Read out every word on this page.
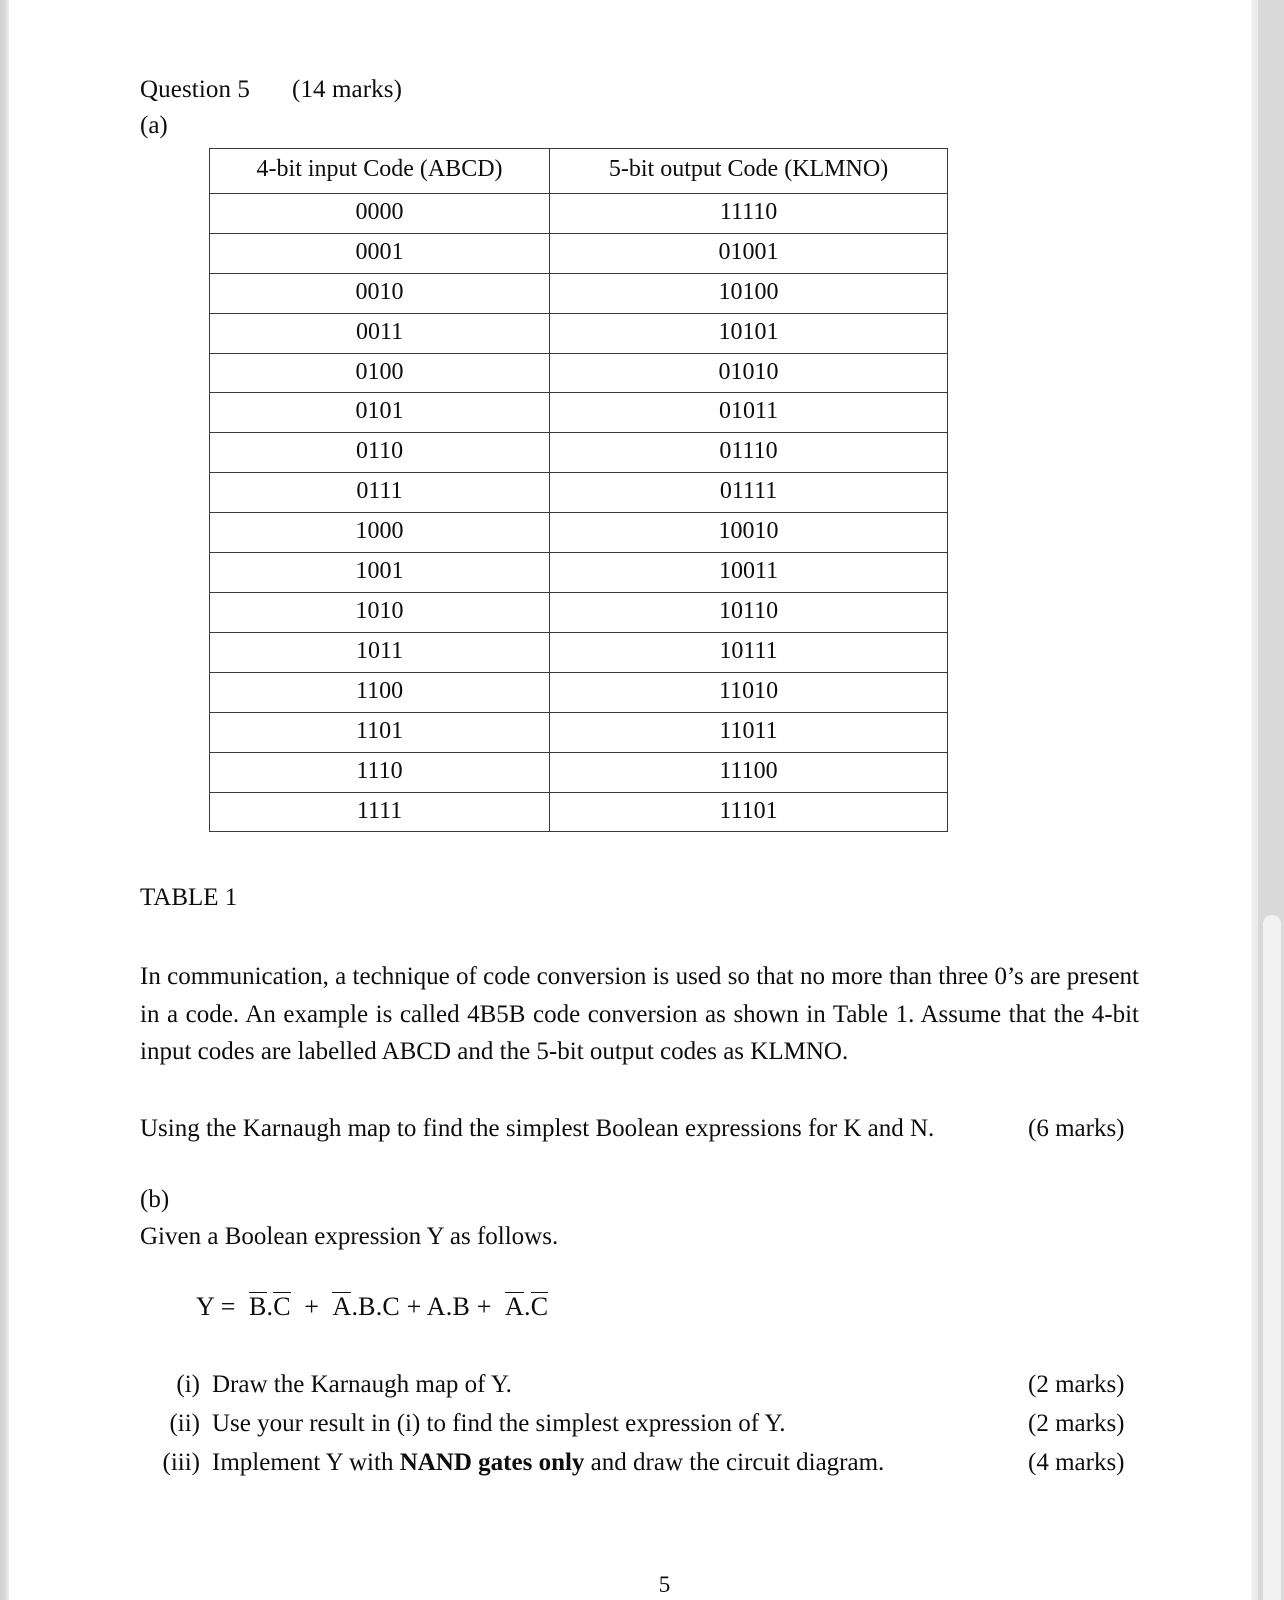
Question 5 (14 marks)
(a)
4-bit input Code (ABCD)	5-bit output Code (KLMNO)
0000	11110
0001	01001
0010	10100
0011	10101
0100	01010
0101	01011
0110	01110
0111	01111
1000	10010
1001	10011
1010	10110
1011	10111
1100	11010
1101	11011
1110	11100
1111	11101
TABLE 1
In communication, a technique of code conversion is used so that no more than three 0’s are present in a code. An example is called 4B5B code conversion as shown in Table 1. Assume that the 4-bit input codes are labelled ABCD and the 5-bit output codes as KLMNO.
Using the Karnaugh map to find the simplest Boolean expressions for K and N.	(6 marks)
(b)
Given a Boolean expression Y as follows.
Y = B.C + A.B.C + A.B + A.C
(i) Draw the Karnaugh map of Y.	(2 marks)
(ii) Use your result in (i) to find the simplest expression of Y.	(2 marks)
(iii) Implement Y with NAND gates only and draw the circuit diagram.	(4 marks)
5
